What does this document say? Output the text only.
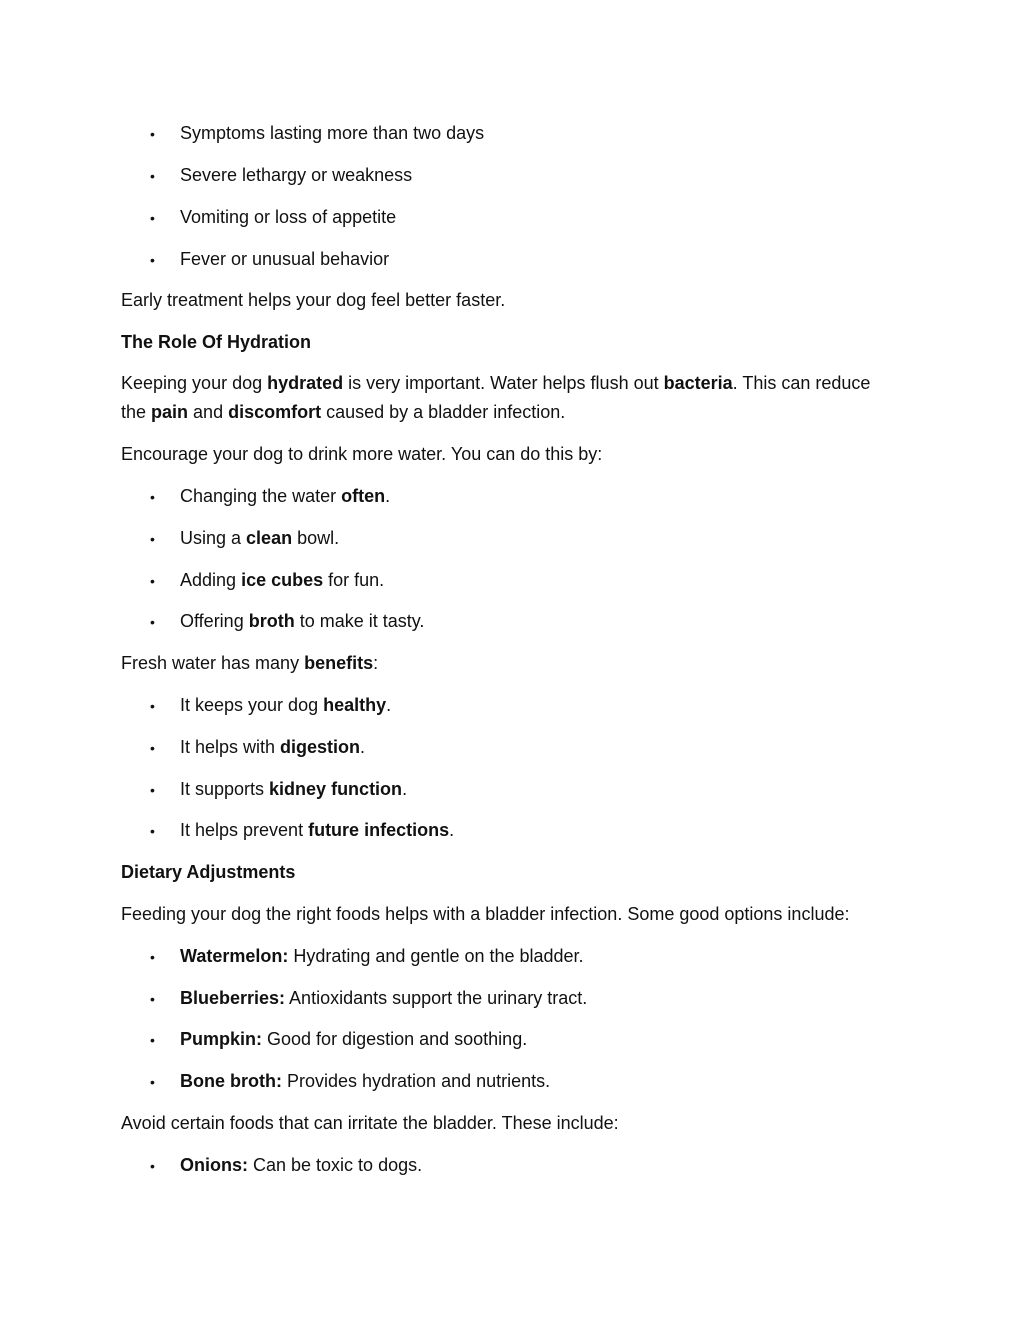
• Symptoms lasting more than two days
• Severe lethargy or weakness
• Vomiting or loss of appetite
• Fever or unusual behavior
Early treatment helps your dog feel better faster.
The Role Of Hydration
Keeping your dog hydrated is very important. Water helps flush out bacteria. This can reduce the pain and discomfort caused by a bladder infection.
Encourage your dog to drink more water. You can do this by:
• Changing the water often.
• Using a clean bowl.
• Adding ice cubes for fun.
• Offering broth to make it tasty.
Fresh water has many benefits:
• It keeps your dog healthy.
• It helps with digestion.
• It supports kidney function.
• It helps prevent future infections.
Dietary Adjustments
Feeding your dog the right foods helps with a bladder infection. Some good options include:
• Watermelon: Hydrating and gentle on the bladder.
• Blueberries: Antioxidants support the urinary tract.
• Pumpkin: Good for digestion and soothing.
• Bone broth: Provides hydration and nutrients.
Avoid certain foods that can irritate the bladder. These include:
• Onions: Can be toxic to dogs.
